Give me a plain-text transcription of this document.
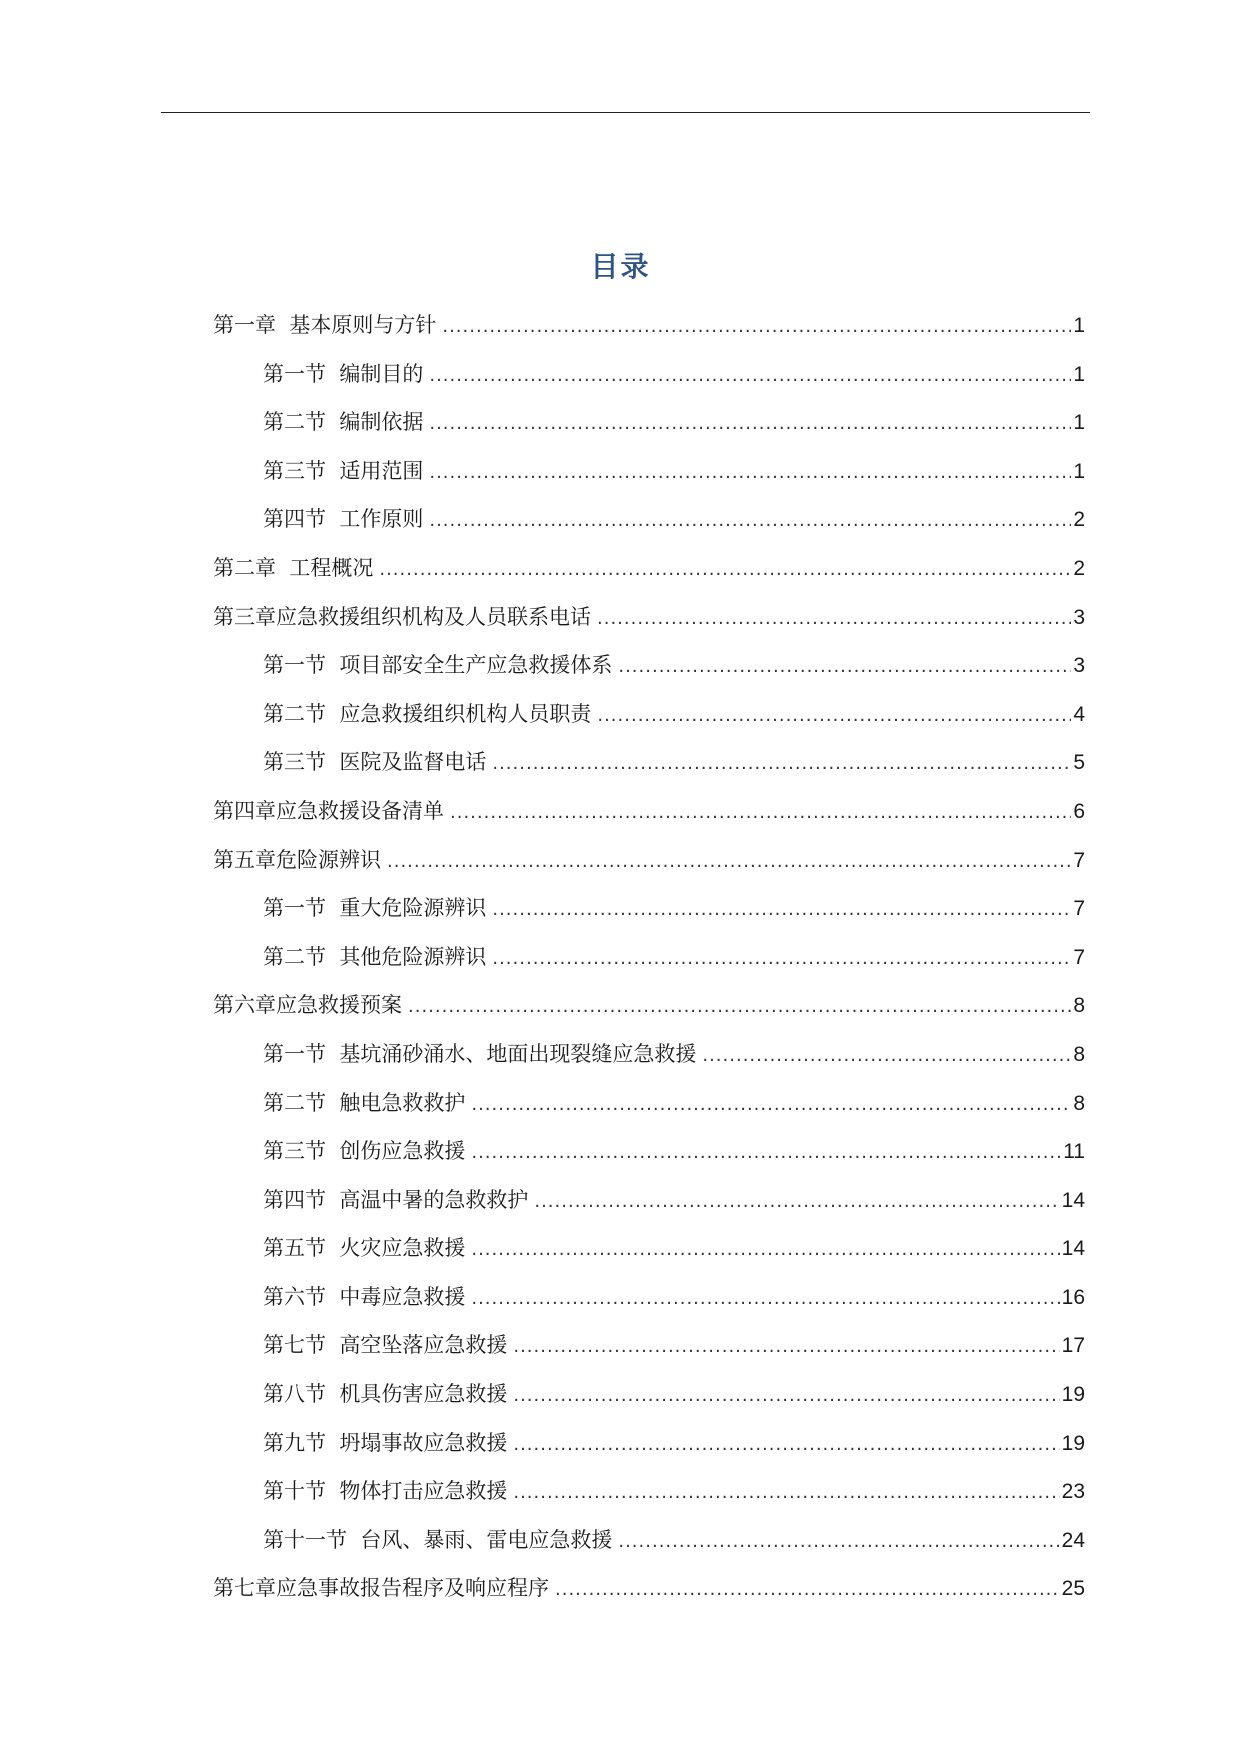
目录
第一章  基本原则与方针 .....	1
第一节  编制目的 .....	1
第二节  编制依据 .....	1
第三节  适用范围 .....	1
第四节  工作原则 .....	2
第二章  工程概况 .....	2
第三章应急救援组织机构及人员联系电话 .....	3
第一节  项目部安全生产应急救援体系 .....	3
第二节  应急救援组织机构人员职责 .....	4
第三节  医院及监督电话 .....	5
第四章应急救援设备清单 .....	6
第五章危险源辨识 .....	7
第一节  重大危险源辨识 .....	7
第二节  其他危险源辨识 .....	7
第六章应急救援预案 .....	8
第一节  基坑涌砂涌水、地面出现裂缝应急救援 .....	8
第二节  触电急救救护 .....	8
第三节  创伤应急救援 .....	11
第四节  高温中暑的急救救护 .....	14
第五节  火灾应急救援 .....	14
第六节  中毒应急救援 .....	16
第七节  高空坠落应急救援 .....	17
第八节  机具伤害应急救援 .....	19
第九节  坍塌事故应急救援 .....	19
第十节  物体打击应急救援 .....	23
第十一节  台风、暴雨、雷电应急救援 .....	24
第七章应急事故报告程序及响应程序 .....	25
